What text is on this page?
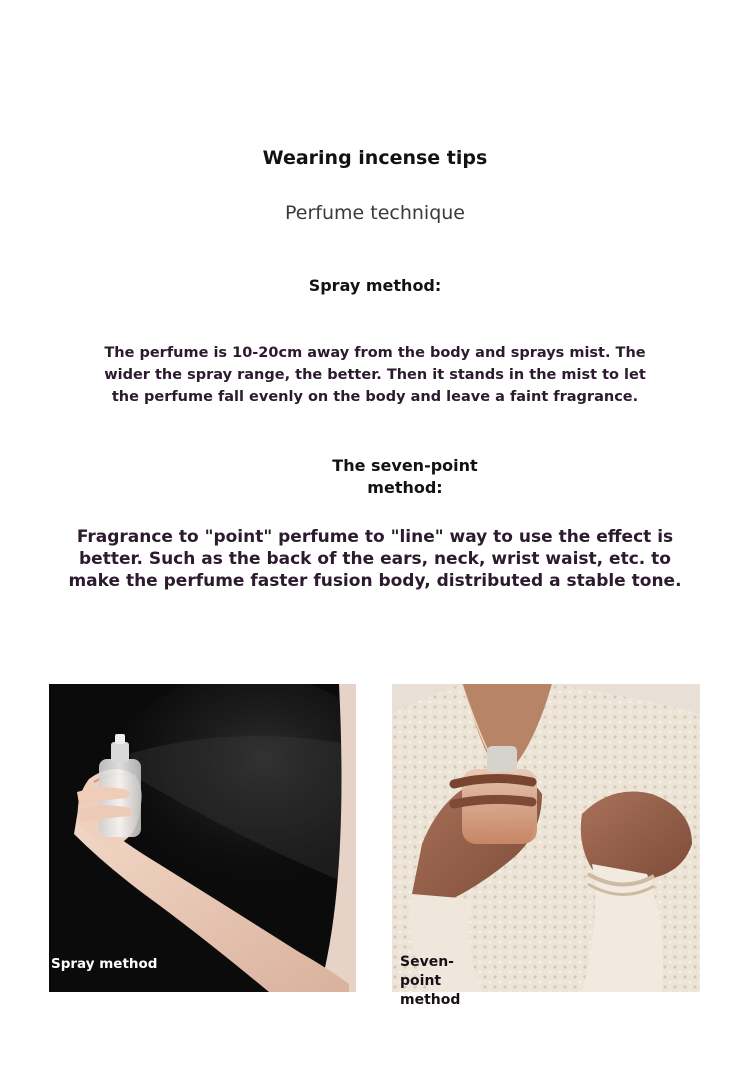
Wearing incense tips
Perfume technique
Spray method:
The perfume is 10-20cm away from the body and sprays mist. The wider the spray range, the better. Then it stands in the mist to let the perfume fall evenly on the body and leave a faint fragrance.
The seven-point method:
Fragrance to "point" perfume to "line" way to use the effect is better. Such as the back of the ears, neck, wrist waist, etc. to make the perfume faster fusion body, distributed a stable tone.
Spray method	Seven-point method
